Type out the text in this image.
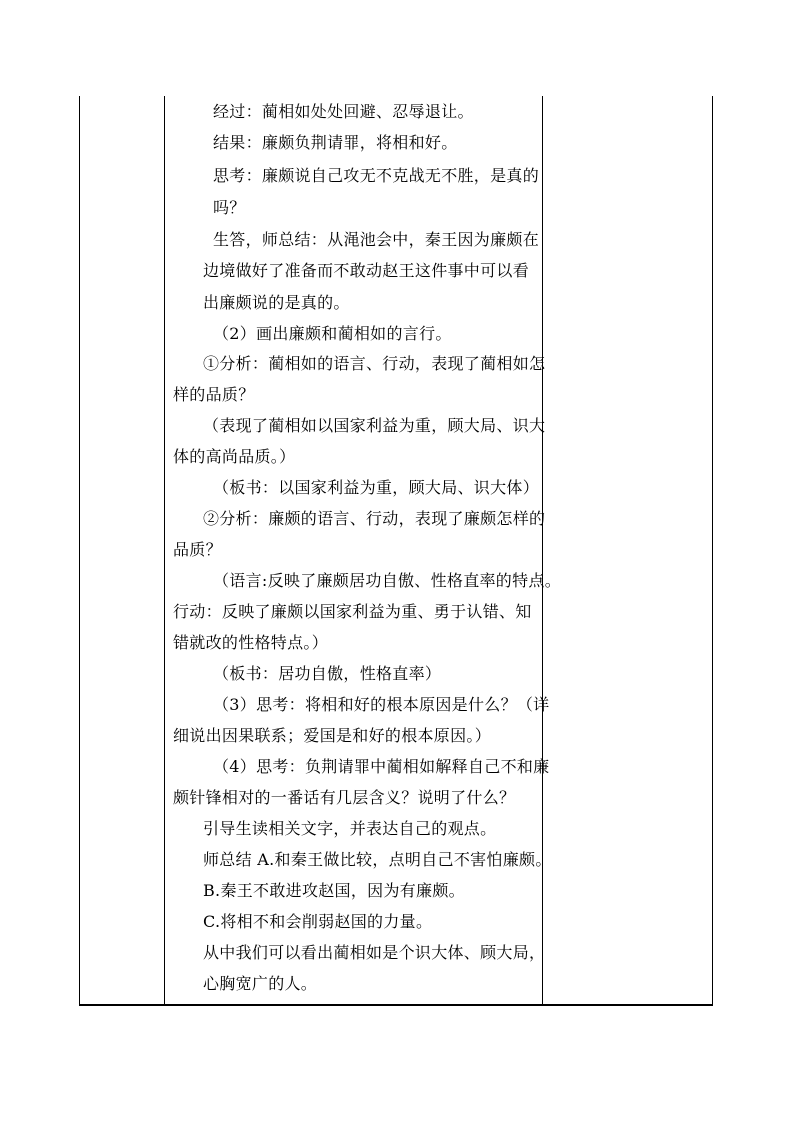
经过：蔺相如处处回避、忍辱退让。
结果：廉颇负荆请罪，将相和好。
思考：廉颇说自己攻无不克战无不胜，是真的
吗？
生答，师总结：从渑池会中，秦王因为廉颇在
边境做好了准备而不敢动赵王这件事中可以看
出廉颇说的是真的。
（2）画出廉颇和蔺相如的言行。
①分析：蔺相如的语言、行动，表现了蔺相如怎
样的品质？
（表现了蔺相如以国家利益为重，顾大局、识大
体的高尚品质。）
（板书：以国家利益为重，顾大局、识大体）
②分析：廉颇的语言、行动，表现了廉颇怎样的
品质？
（语言:反映了廉颇居功自傲、性格直率的特点。
行动：反映了廉颇以国家利益为重、勇于认错、知
错就改的性格特点。）
（板书：居功自傲，性格直率）
（3）思考：将相和好的根本原因是什么？（详
细说出因果联系；爱国是和好的根本原因。）
（4）思考：负荆请罪中蔺相如解释自己不和廉
颇针锋相对的一番话有几层含义？说明了什么？
引导生读相关文字，并表达自己的观点。
师总结 A.和秦王做比较，点明自己不害怕廉颇。
B.秦王不敢进攻赵国，因为有廉颇。
C.将相不和会削弱赵国的力量。
从中我们可以看出蔺相如是个识大体、顾大局，
心胸宽广的人。
